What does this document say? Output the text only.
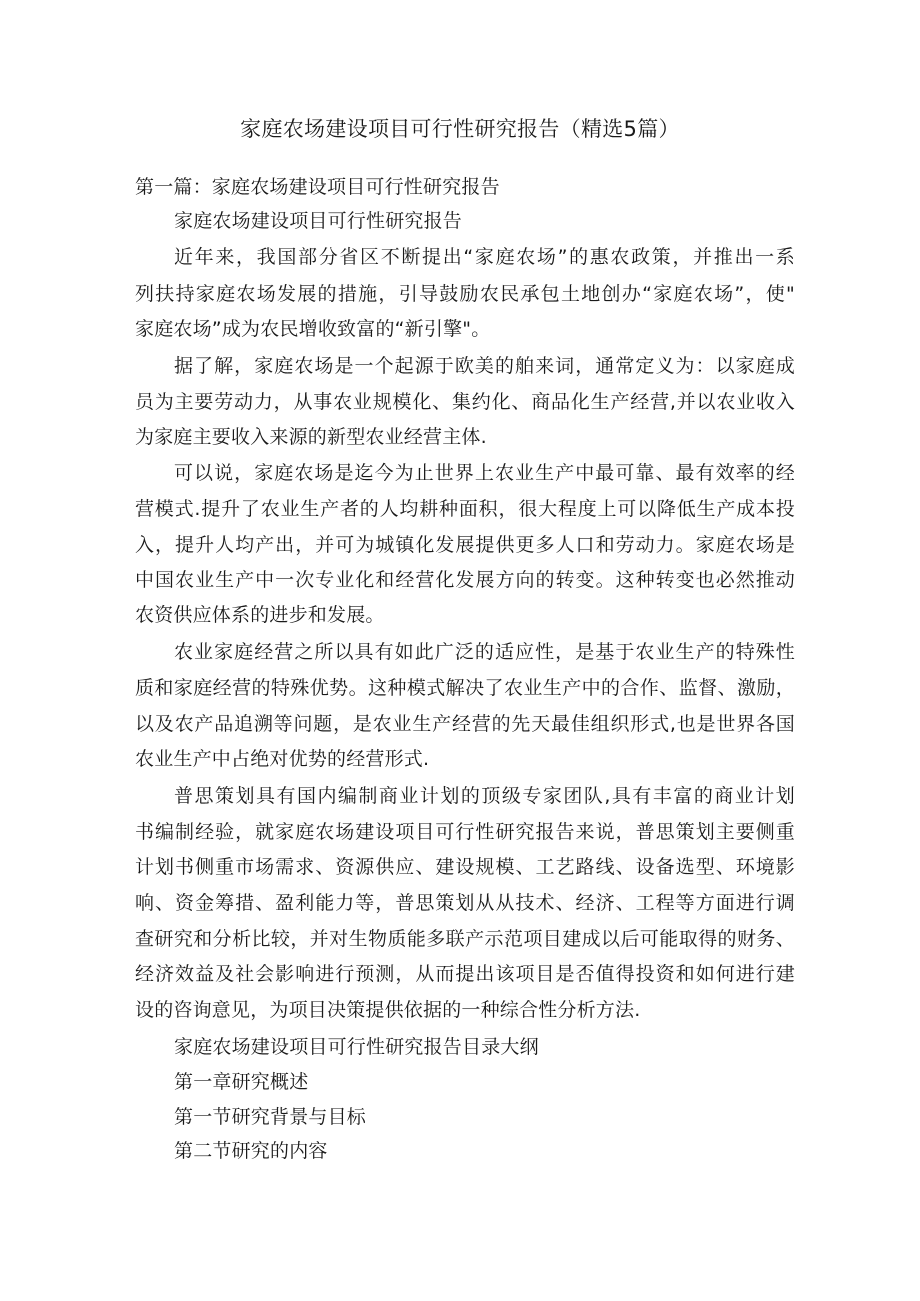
家庭农场建设项目可行性研究报告（精选5篇）
第一篇：家庭农场建设项目可行性研究报告
家庭农场建设项目可行性研究报告
近年来，我国部分省区不断提出“家庭农场”的惠农政策，并推出一系
列扶持家庭农场发展的措施，引导鼓励农民承包土地创办“家庭农场”，使"
家庭农场”成为农民增收致富的“新引擎"。
据了解，家庭农场是一个起源于欧美的舶来词，通常定义为：以家庭成
员为主要劳动力，从事农业规模化、集约化、商品化生产经营,并以农业收入
为家庭主要收入来源的新型农业经营主体.
可以说，家庭农场是迄今为止世界上农业生产中最可靠、最有效率的经
营模式.提升了农业生产者的人均耕种面积，很大程度上可以降低生产成本投
入，提升人均产出，并可为城镇化发展提供更多人口和劳动力。家庭农场是
中国农业生产中一次专业化和经营化发展方向的转变。这种转变也必然推动
农资供应体系的进步和发展。
农业家庭经营之所以具有如此广泛的适应性，是基于农业生产的特殊性
质和家庭经营的特殊优势。这种模式解决了农业生产中的合作、监督、激励，
以及农产品追溯等问题，是农业生产经营的先天最佳组织形式,也是世界各国
农业生产中占绝对优势的经营形式.
普思策划具有国内编制商业计划的顶级专家团队,具有丰富的商业计划
书编制经验，就家庭农场建设项目可行性研究报告来说，普思策划主要侧重
计划书侧重市场需求、资源供应、建设规模、工艺路线、设备选型、环境影
响、资金筹措、盈利能力等，普思策划从从技术、经济、工程等方面进行调
查研究和分析比较，并对生物质能多联产示范项目建成以后可能取得的财务、
经济效益及社会影响进行预测，从而提出该项目是否值得投资和如何进行建
设的咨询意见，为项目决策提供依据的一种综合性分析方法.
家庭农场建设项目可行性研究报告目录大纲
第一章研究概述
第一节研究背景与目标
第二节研究的内容
